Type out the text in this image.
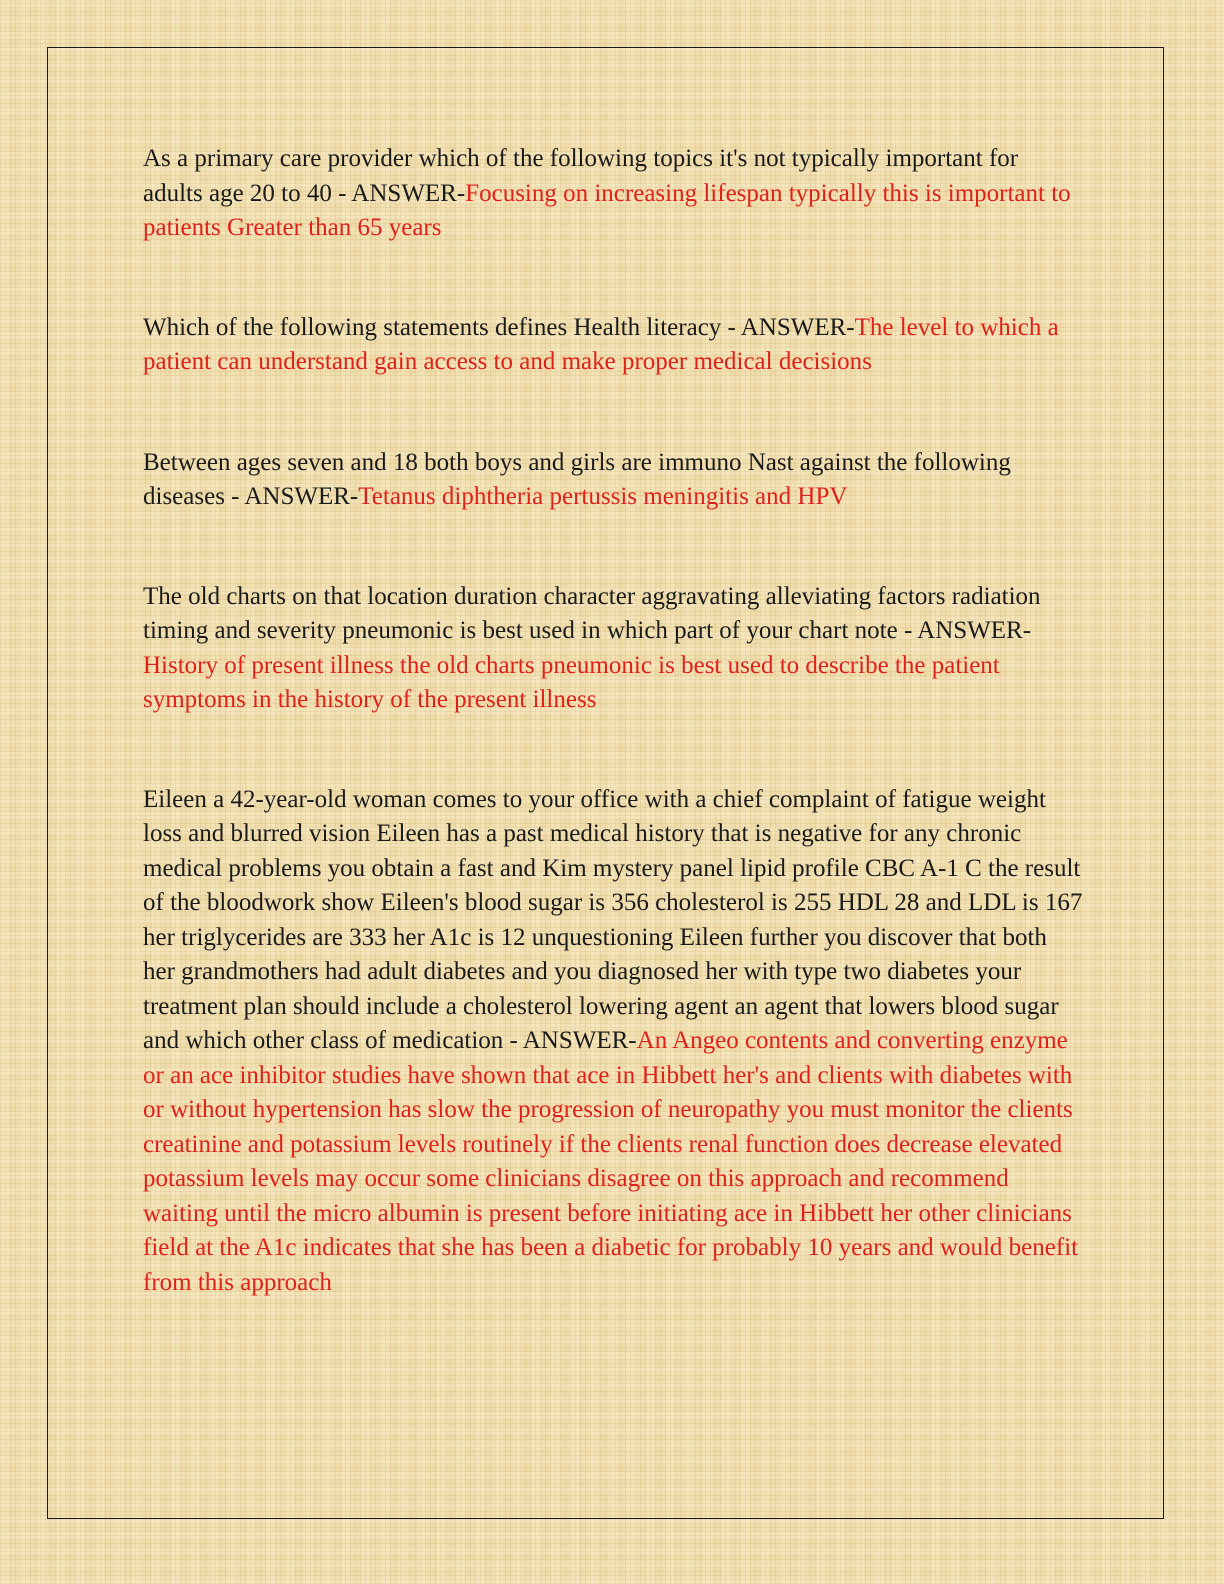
As a primary care provider which of the following topics it's not typically important for adults age 20 to 40 - ANSWER-Focusing on increasing lifespan typically this is important to patients Greater than 65 years

Which of the following statements defines Health literacy - ANSWER-The level to which a patient can understand gain access to and make proper medical decisions

Between ages seven and 18 both boys and girls are immuno Nast against the following diseases - ANSWER-Tetanus diphtheria pertussis meningitis and HPV

The old charts on that location duration character aggravating alleviating factors radiation timing and severity pneumonic is best used in which part of your chart note - ANSWER-History of present illness the old charts pneumonic is best used to describe the patient symptoms in the history of the present illness

Eileen a 42-year-old woman comes to your office with a chief complaint of fatigue weight loss and blurred vision Eileen has a past medical history that is negative for any chronic medical problems you obtain a fast and Kim mystery panel lipid profile CBC A-1 C the result of the bloodwork show Eileen's blood sugar is 356 cholesterol is 255 HDL 28 and LDL is 167 her triglycerides are 333 her A1c is 12 unquestioning Eileen further you discover that both her grandmothers had adult diabetes and you diagnosed her with type two diabetes your treatment plan should include a cholesterol lowering agent an agent that lowers blood sugar and which other class of medication - ANSWER-An Angeo contents and converting enzyme or an ace inhibitor studies have shown that ace in Hibbett her's and clients with diabetes with or without hypertension has slow the progression of neuropathy you must monitor the clients creatinine and potassium levels routinely if the clients renal function does decrease elevated potassium levels may occur some clinicians disagree on this approach and recommend waiting until the micro albumin is present before initiating ace in Hibbett her other clinicians field at the A1c indicates that she has been a diabetic for probably 10 years and would benefit from this approach
